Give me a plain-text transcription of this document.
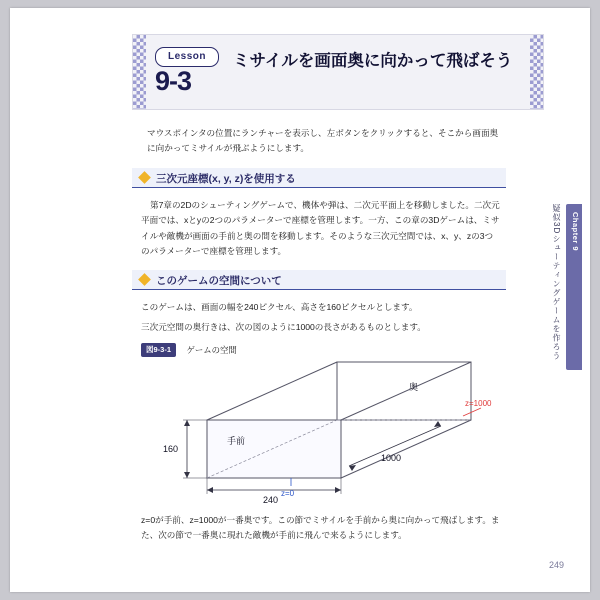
Lesson
9-3
ミサイルを画面奥に向かって飛ばそう
マウスポインタの位置にランチャーを表示し、左ボタンをクリックすると、そこから画面奥に向かってミサイルが飛ぶようにします。
三次元座標(x, y, z)を使用する
第7章の2Dのシューティングゲームで、機体や弾は、二次元平面上を移動しました。二次元平面では、xとyの2つのパラメーターで座標を管理します。一方、この章の3Dゲームは、ミサイルや敵機が画面の手前と奥の間を移動します。そのような三次元空間では、x、y、zの3つのパラメーターで座標を管理します。
このゲームの空間について
このゲームは、画面の幅を240ピクセル、高さを160ピクセルとします。
三次元空間の奥行きは、次の図のように1000の長さがあるものとします。
図9-3-1 ゲームの空間
160
240
1000
手前
奥
z=0
z=1000
z=0が手前、z=1000が一番奥です。この節でミサイルを手前から奥に向かって飛ばします。また、次の節で一番奥に現れた敵機が手前に飛んで来るようにします。
Chapter 9
疑似3Dシューティングゲームを作ろう
249
